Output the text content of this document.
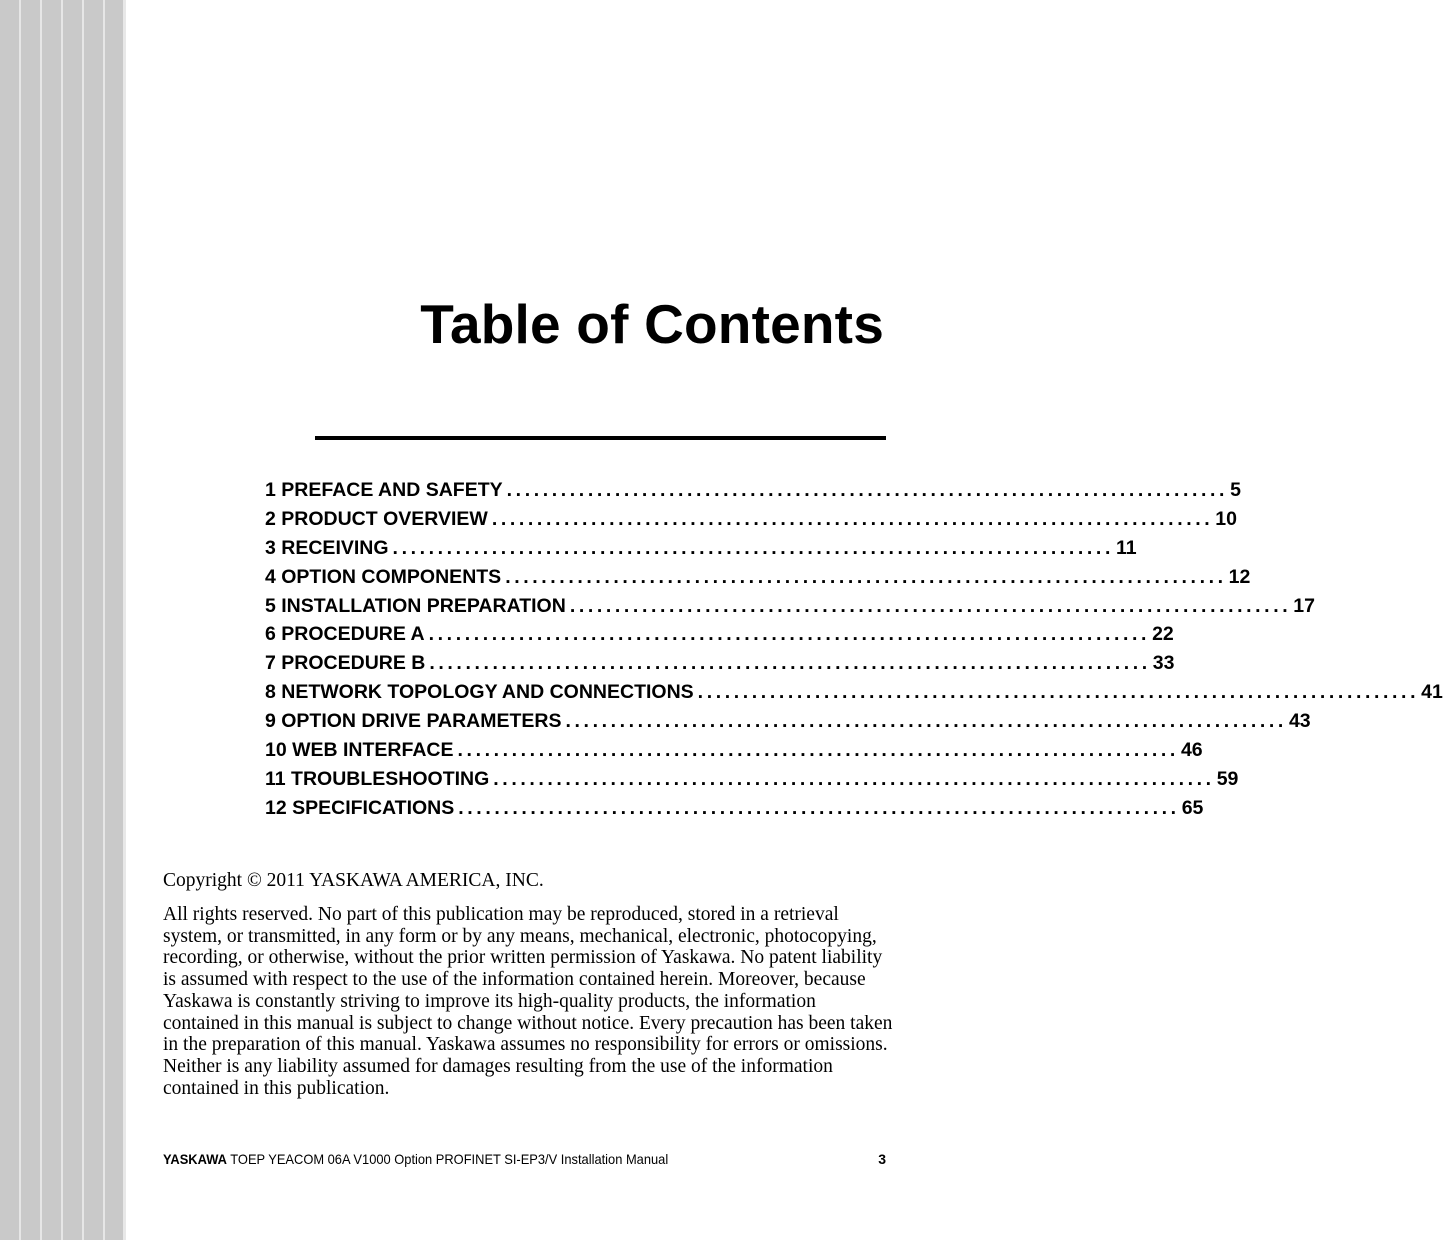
Table of Contents
1 PREFACE AND SAFETY ................................................................................ 5
2 PRODUCT OVERVIEW ................................................................................ 10
3 RECEIVING ................................................................................ 11
4 OPTION COMPONENTS ................................................................................ 12
5 INSTALLATION PREPARATION ................................................................................ 17
6 PROCEDURE A ................................................................................ 22
7 PROCEDURE B ................................................................................ 33
8 NETWORK TOPOLOGY AND CONNECTIONS ................................................................................ 41
9 OPTION DRIVE PARAMETERS ................................................................................ 43
10 WEB INTERFACE ................................................................................ 46
11 TROUBLESHOOTING ................................................................................ 59
12 SPECIFICATIONS ................................................................................ 65

Copyright © 2011 YASKAWA AMERICA, INC.

All rights reserved. No part of this publication may be reproduced, stored in a retrieval system, or transmitted, in any form or by any means, mechanical, electronic, photocopying, recording, or otherwise, without the prior written permission of Yaskawa. No patent liability is assumed with respect to the use of the information contained herein. Moreover, because Yaskawa is constantly striving to improve its high-quality products, the information contained in this manual is subject to change without notice. Every precaution has been taken in the preparation of this manual. Yaskawa assumes no responsibility for errors or omissions. Neither is any liability assumed for damages resulting from the use of the information contained in this publication.

YASKAWA TOEP YEACOM 06A V1000 Option PROFINET SI-EP3/V Installation Manual	3
